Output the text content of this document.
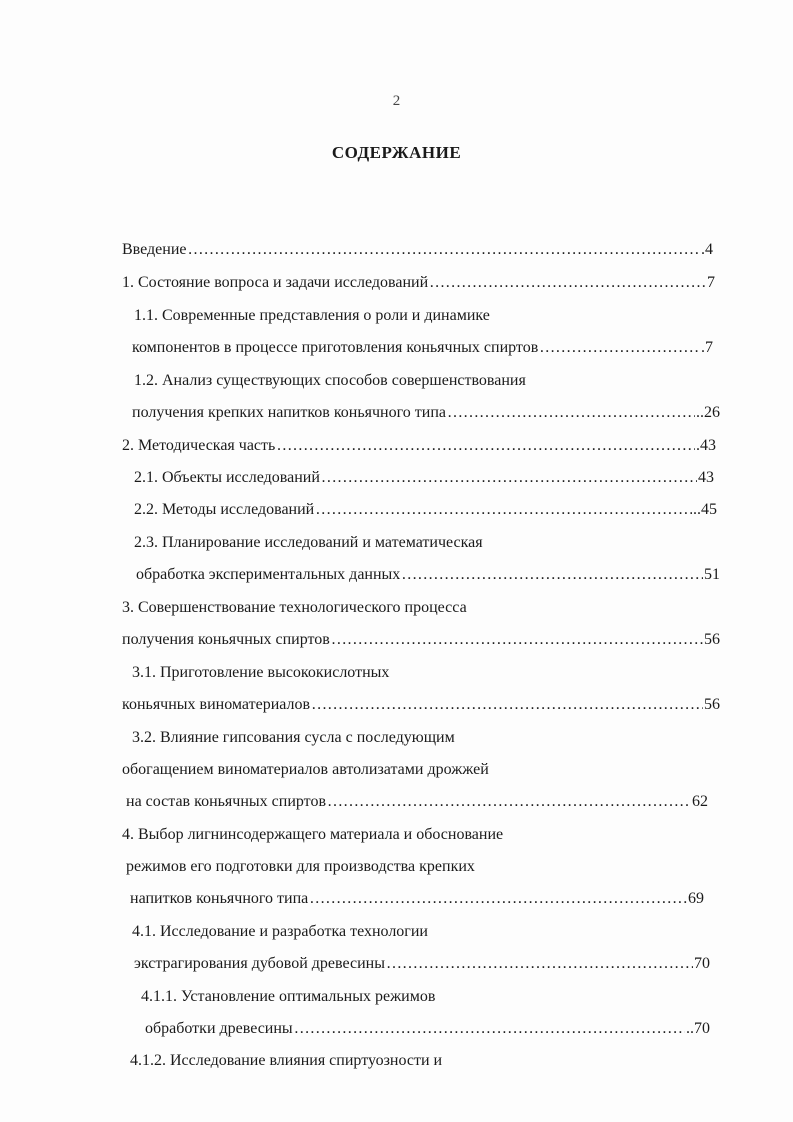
2
СОДЕРЖАНИЕ
Введение …………………………………………………………………………………………………………………………………………………………	.4
1. Состояние вопроса и задачи исследований …………………………………………………………………………………………………………………………………………………………	7
1.1. Современные представления о роли и динамике
компонентов в процессе приготовления коньячных спиртов …………………………………………………………………………………………………………………………………………………………	.7
1.2. Анализ существующих способов совершенствования
получения крепких напитков коньячного типа …………………………………………………………………………………………………………………………………………………………	..26
2. Методическая часть …………………………………………………………………………………………………………………………………………………………	.43
2.1. Объекты исследований …………………………………………………………………………………………………………………………………………………………	43
2.2. Методы исследований …………………………………………………………………………………………………………………………………………………………	..45
2.3. Планирование исследований и математическая
обработка экспериментальных данных …………………………………………………………………………………………………………………………………………………………	51
3. Совершенствование технологического процесса
получения коньячных спиртов …………………………………………………………………………………………………………………………………………………………	56
3.1. Приготовление высококислотных
коньячных виноматериалов …………………………………………………………………………………………………………………………………………………………	56
3.2. Влияние гипсования сусла с последующим
обогащением виноматериалов автолизатами дрожжей
на состав коньячных спиртов …………………………………………………………………………………………………………………………………………………………	62
4. Выбор лигнинсодержащего материала и обоснование
режимов его подготовки для производства крепких
напитков коньячного типа …………………………………………………………………………………………………………………………………………………………	69
4.1. Исследование и разработка технологии
экстрагирования дубовой древесины …………………………………………………………………………………………………………………………………………………………	70
4.1.1. Установление оптимальных режимов
обработки древесины …………………………………………………………………………………………………………………………………………………………	..70
4.1.2. Исследование влияния спиртуозности и
